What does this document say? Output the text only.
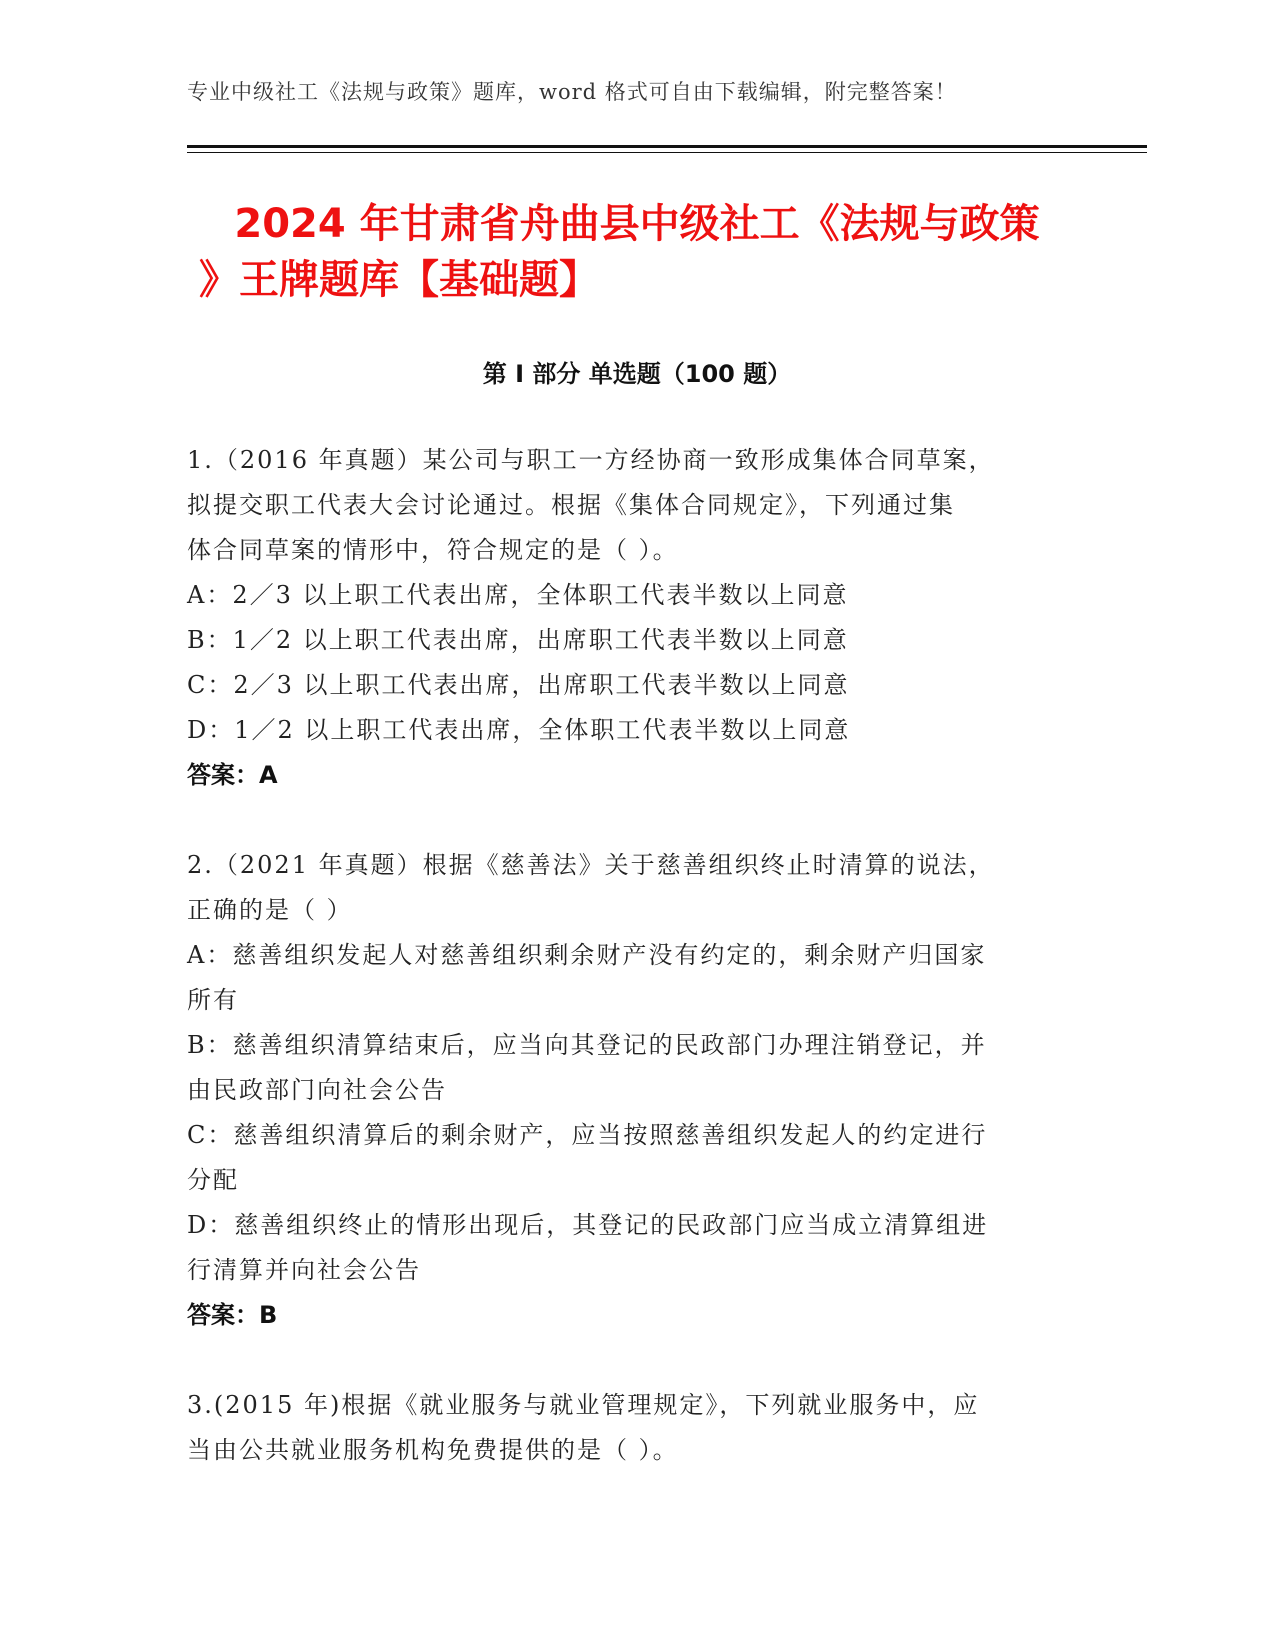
专业中级社工《法规与政策》题库，word 格式可自由下载编辑，附完整答案！
2024 年甘肃省舟曲县中级社工《法规与政策
》王牌题库【基础题】
第 I 部分 单选题（100 题）
1.（2016 年真题）某公司与职工一方经协商一致形成集体合同草案，
拟提交职工代表大会讨论通过。根据《集体合同规定》，下列通过集
体合同草案的情形中，符合规定的是（ ）。
A：2／3 以上职工代表出席，全体职工代表半数以上同意
B：1／2 以上职工代表出席，出席职工代表半数以上同意
C：2／3 以上职工代表出席，出席职工代表半数以上同意
D：1／2 以上职工代表出席，全体职工代表半数以上同意
答案：A
2.（2021 年真题）根据《慈善法》关于慈善组织终止时清算的说法，
正确的是（ ）
A：慈善组织发起人对慈善组织剩余财产没有约定的，剩余财产归国家
所有
B：慈善组织清算结束后，应当向其登记的民政部门办理注销登记，并
由民政部门向社会公告
C：慈善组织清算后的剩余财产，应当按照慈善组织发起人的约定进行
分配
D：慈善组织终止的情形出现后，其登记的民政部门应当成立清算组进
行清算并向社会公告
答案：B
3.(2015 年)根据《就业服务与就业管理规定》，下列就业服务中，应
当由公共就业服务机构免费提供的是（ ）。
